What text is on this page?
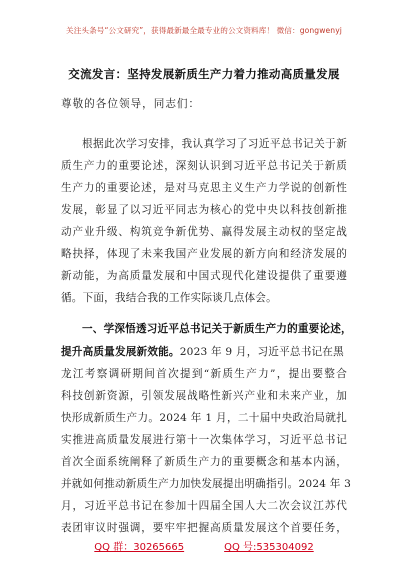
关注头条号“公文研究”，获得最新最全最专业的公文资料库！ 微信：gongwenyj
交流发言：坚持发展新质生产力着力推动高质量发展
尊敬的各位领导，同志们：
根据此次学习安排，我认真学习了习近平总书记关于新
质生产力的重要论述，深刻认识到习近平总书记关于新质
生产力的重要论述，是对马克思主义生产力学说的创新性
发展，彰显了以习近平同志为核心的党中央以科技创新推
动产业升级、构筑竞争新优势、赢得发展主动权的坚定战
略抉择，体现了未来我国产业发展的新方向和经济发展的
新动能，为高质量发展和中国式现代化建设提供了重要遵
循。下面，我结合我的工作实际谈几点体会。
一、学深悟透习近平总书记关于新质生产力的重要论述，
提升高质量发展新效能。2023 年 9 月，习近平总书记在黑
龙江考察调研期间首次提到“新质生产力”，提出要整合
科技创新资源，引领发展战略性新兴产业和未来产业，加
快形成新质生产力。2024 年 1 月，二十届中央政治局就扎
实推进高质量发展进行第十一次集体学习，习近平总书记
首次全面系统阐释了新质生产力的重要概念和基本内涵，
并就如何推动新质生产力加快发展提出明确指引。2024 年 3
月，习近平总书记在参加十四届全国人大二次会议江苏代
表团审议时强调，要牢牢把握高质量发展这个首要任务，
QQ 群：30265665	QQ 号:535304092
